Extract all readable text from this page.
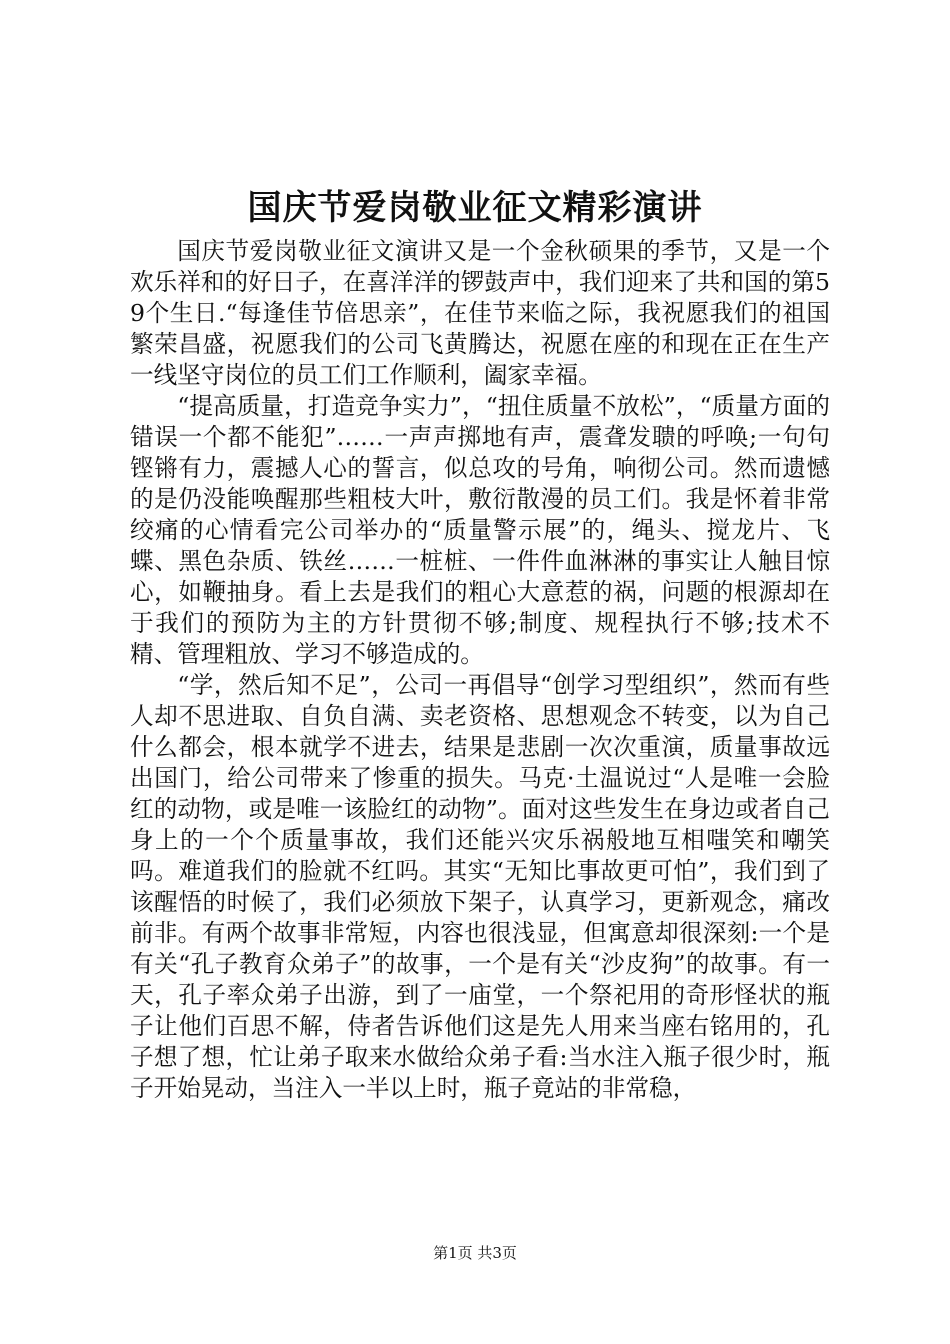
国庆节爱岗敬业征文精彩演讲

国庆节爱岗敬业征文演讲又是一个金秋硕果的季节，又是一个欢乐祥和的好日子，在喜洋洋的锣鼓声中，我们迎来了共和国的第59个生日.“每逢佳节倍思亲”，在佳节来临之际，我祝愿我们的祖国繁荣昌盛，祝愿我们的公司飞黄腾达，祝愿在座的和现在正在生产一线坚守岗位的员工们工作顺利，阖家幸福。

“提高质量，打造竞争实力”，“扭住质量不放松”，“质量方面的错误一个都不能犯”……一声声掷地有声，震聋发聩的呼唤;一句句铿锵有力，震撼人心的誓言，似总攻的号角，响彻公司。然而遗憾的是仍没能唤醒那些粗枝大叶，敷衍散漫的员工们。我是怀着非常绞痛的心情看完公司举办的“质量警示展”的，绳头、搅龙片、飞蝶、黑色杂质、铁丝……一桩桩、一件件血淋淋的事实让人触目惊心，如鞭抽身。看上去是我们的粗心大意惹的祸，问题的根源却在于我们的预防为主的方针贯彻不够;制度、规程执行不够;技术不精、管理粗放、学习不够造成的。

“学，然后知不足”，公司一再倡导“创学习型组织”，然而有些人却不思进取、自负自满、卖老资格、思想观念不转变，以为自己什么都会，根本就学不进去，结果是悲剧一次次重演，质量事故远出国门，给公司带来了惨重的损失。马克·土温说过“人是唯一会脸红的动物，或是唯一该脸红的动物”。面对这些发生在身边或者自己身上的一个个质量事故，我们还能兴灾乐祸般地互相嗤笑和嘲笑吗。难道我们的脸就不红吗。其实“无知比事故更可怕”，我们到了该醒悟的时候了，我们必须放下架子，认真学习，更新观念，痛改前非。有两个故事非常短，内容也很浅显，但寓意却很深刻:一个是有关“孔子教育众弟子”的故事，一个是有关“沙皮狗”的故事。有一天，孔子率众弟子出游，到了一庙堂，一个祭祀用的奇形怪状的瓶子让他们百思不解，侍者告诉他们这是先人用来当座右铭用的，孔子想了想，忙让弟子取来水做给众弟子看:当水注入瓶子很少时，瓶子开始晃动，当注入一半以上时，瓶子竟站的非常稳，

第1页 共3页
